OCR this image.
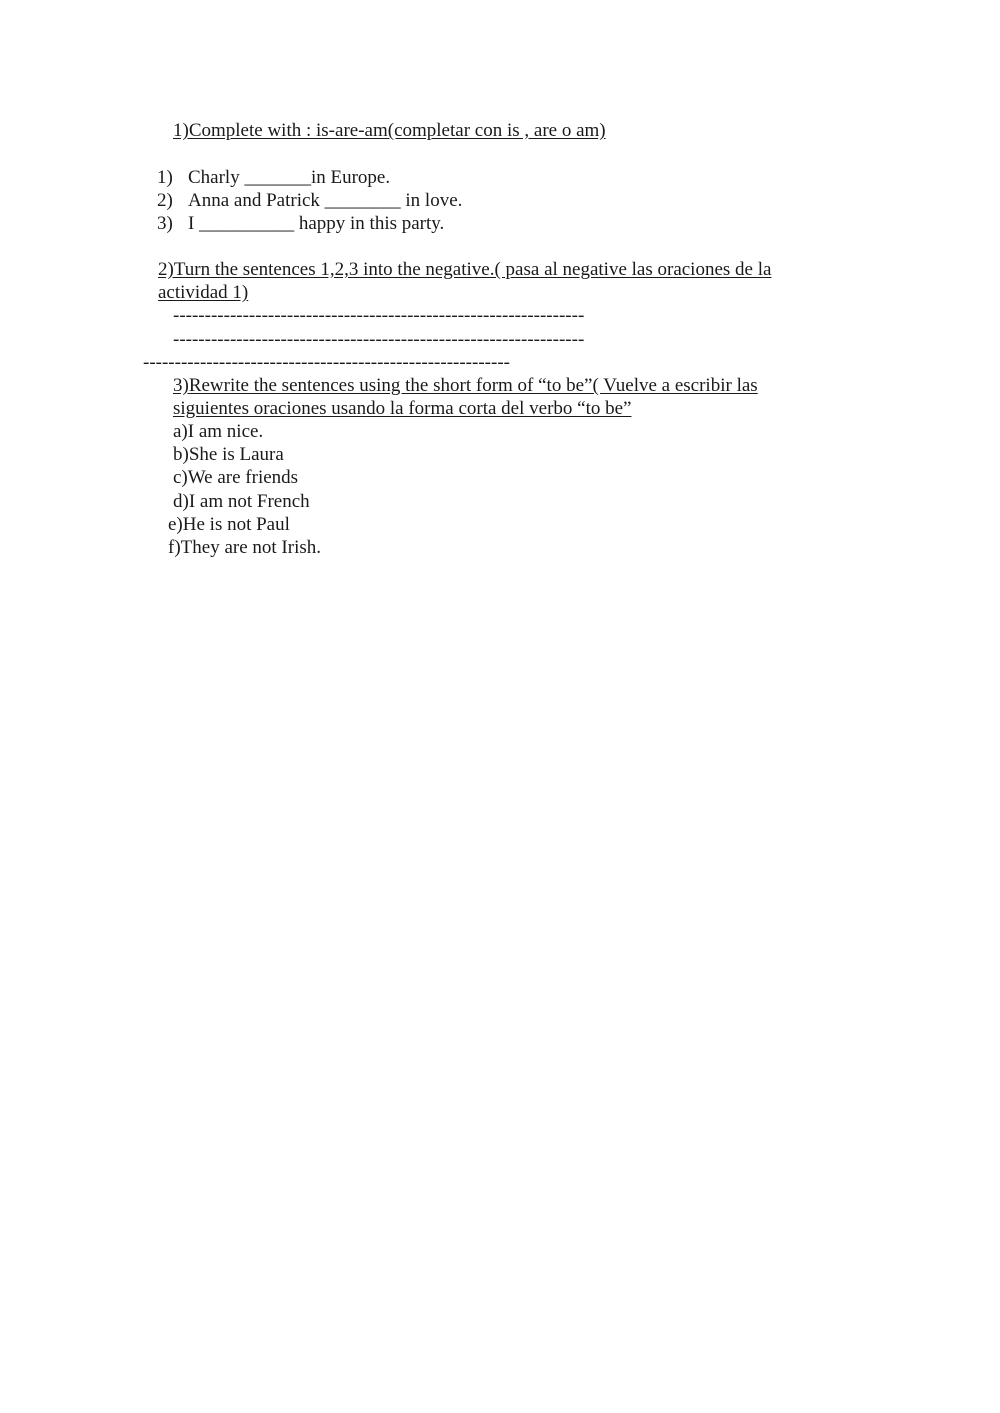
1)Complete with : is-are-am(completar con is , are o am)
1) Charly _______in Europe.
2) Anna and Patrick ________ in love.
3) I __________ happy in this party.
2)Turn the sentences 1,2,3 into the negative.( pasa al negative las oraciones de la
actividad 1)
-----------------------------------------------------------------
-----------------------------------------------------------------
----------------------------------------------------------
3)Rewrite the sentences using the short form of “to be”( Vuelve a escribir las
siguientes oraciones usando la forma corta del verbo “to be”
a)I am nice.
b)She is Laura
c)We are friends
d)I am not French
e)He is not Paul
f)They are not Irish.
